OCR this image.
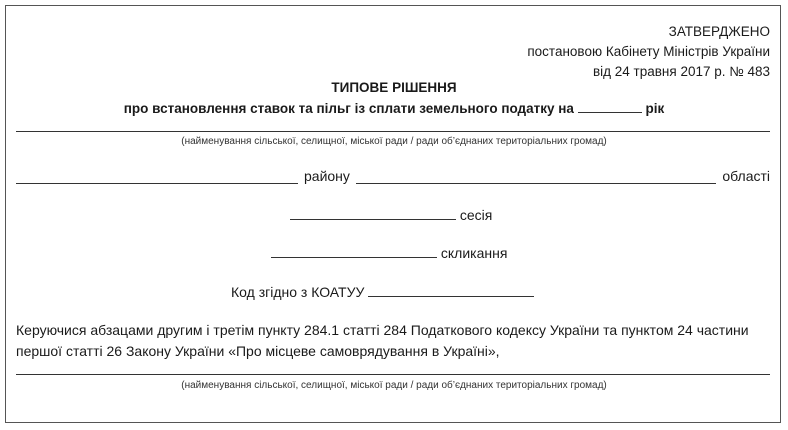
ЗАТВЕРДЖЕНО
постановою Кабінету Міністрів України
від 24 травня 2017 р. № 483
ТИПОВЕ РІШЕННЯ
про встановлення ставок та пільг із сплати земельного податку на	рік
(найменування сільської, селищної, міської ради / ради об’єднаних територіальних громад)
району	області
сесія
скликання
Код згідно з КОАТУУ
Керуючися абзацами другим і третім пункту 284.1 статті 284 Податкового кодексу України та пунктом 24 частини першої статті 26 Закону України «Про місцеве самоврядування в Україні»,
(найменування сільської, селищної, міської ради / ради об’єднаних територіальних громад)
